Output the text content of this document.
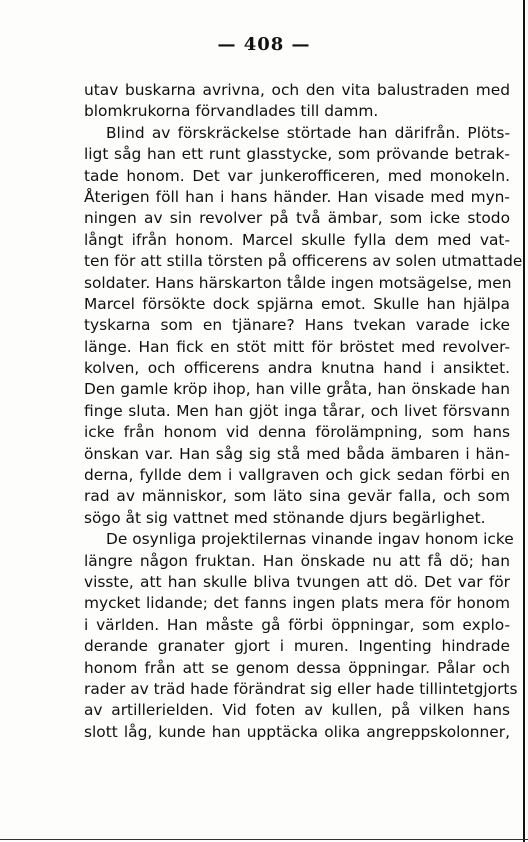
— 408 —
utav buskarna avrivna, och den vita balustraden med
blomkrukorna förvandlades till damm.
Blind av förskräckelse störtade han därifrån. Plöts-
ligt såg han ett runt glasstycke, som prövande betrak-
tade honom. Det var junkerofficeren, med monokeln.
Återigen föll han i hans händer. Han visade med myn-
ningen av sin revolver på två ämbar, som icke stodo
långt ifrån honom. Marcel skulle fylla dem med vat-
ten för att stilla törsten på officerens av solen utmattade
soldater. Hans härskarton tålde ingen motsägelse, men
Marcel försökte dock spjärna emot. Skulle han hjälpa
tyskarna som en tjänare? Hans tvekan varade icke
länge. Han fick en stöt mitt för bröstet med revolver-
kolven, och officerens andra knutna hand i ansiktet.
Den gamle kröp ihop, han ville gråta, han önskade han
finge sluta. Men han gjöt inga tårar, och livet försvann
icke från honom vid denna förolämpning, som hans
önskan var. Han såg sig stå med båda ämbaren i hän-
derna, fyllde dem i vallgraven och gick sedan förbi en
rad av människor, som läto sina gevär falla, och som
sögo åt sig vattnet med stönande djurs begärlighet.
De osynliga projektilernas vinande ingav honom icke
längre någon fruktan. Han önskade nu att få dö; han
visste, att han skulle bliva tvungen att dö. Det var för
mycket lidande; det fanns ingen plats mera för honom
i världen. Han måste gå förbi öppningar, som explo-
derande granater gjort i muren. Ingenting hindrade
honom från att se genom dessa öppningar. Pålar och
rader av träd hade förändrat sig eller hade tillintetgjorts
av artillerielden. Vid foten av kullen, på vilken hans
slott låg, kunde han upptäcka olika angreppskolonner,
